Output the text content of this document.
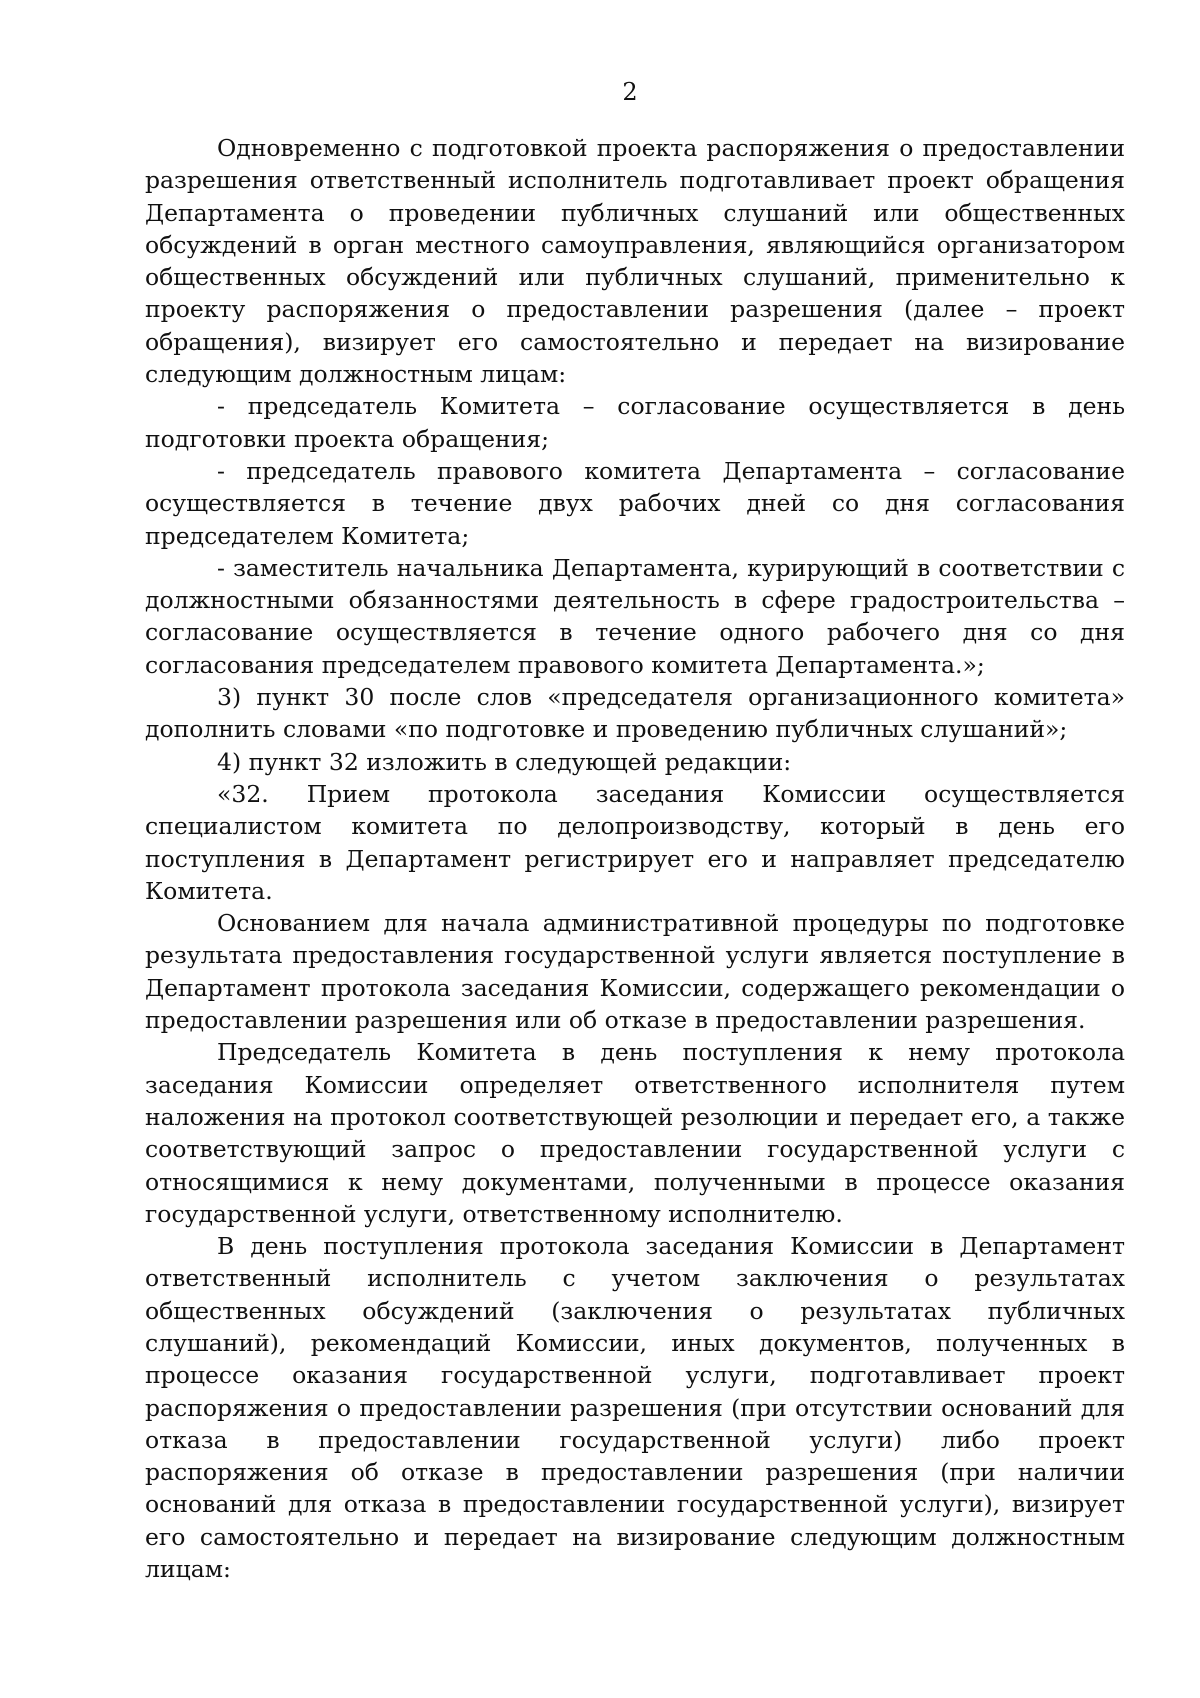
2

Одновременно с подготовкой проекта распоряжения о предоставлении разрешения ответственный исполнитель подготавливает проект обращения Департамента о проведении публичных слушаний или общественных обсуждений в орган местного самоуправления, являющийся организатором общественных обсуждений или публичных слушаний, применительно к проекту распоряжения о предоставлении разрешения (далее – проект обращения), визирует его самостоятельно и передает на визирование следующим должностным лицам:

- председатель Комитета – согласование осуществляется в день подготовки проекта обращения;

- председатель правового комитета Департамента – согласование осуществляется в течение двух рабочих дней со дня согласования председателем Комитета;

- заместитель начальника Департамента, курирующий в соответствии с должностными обязанностями деятельность в сфере градостроительства – согласование осуществляется в течение одного рабочего дня со дня согласования председателем правового комитета Департамента.»;

3) пункт 30 после слов «председателя организационного комитета» дополнить словами «по подготовке и проведению публичных слушаний»;

4) пункт 32 изложить в следующей редакции:

«32. Прием протокола заседания Комиссии осуществляется специалистом комитета по делопроизводству, который в день его поступления в Департамент регистрирует его и направляет председателю Комитета.

Основанием для начала административной процедуры по подготовке результата предоставления государственной услуги является поступление в Департамент протокола заседания Комиссии, содержащего рекомендации о предоставлении разрешения или об отказе в предоставлении разрешения.

Председатель Комитета в день поступления к нему протокола заседания Комиссии определяет ответственного исполнителя путем наложения на протокол соответствующей резолюции и передает его, а также соответствующий запрос о предоставлении государственной услуги с относящимися к нему документами, полученными в процессе оказания государственной услуги, ответственному исполнителю.

В день поступления протокола заседания Комиссии в Департамент ответственный исполнитель с учетом заключения о результатах общественных обсуждений (заключения о результатах публичных слушаний), рекомендаций Комиссии, иных документов, полученных в процессе оказания государственной услуги, подготавливает проект распоряжения о предоставлении разрешения (при отсутствии оснований для отказа в предоставлении государственной услуги) либо проект распоряжения об отказе в предоставлении разрешения (при наличии оснований для отказа в предоставлении государственной услуги), визирует его самостоятельно и передает на визирование следующим должностным лицам:
